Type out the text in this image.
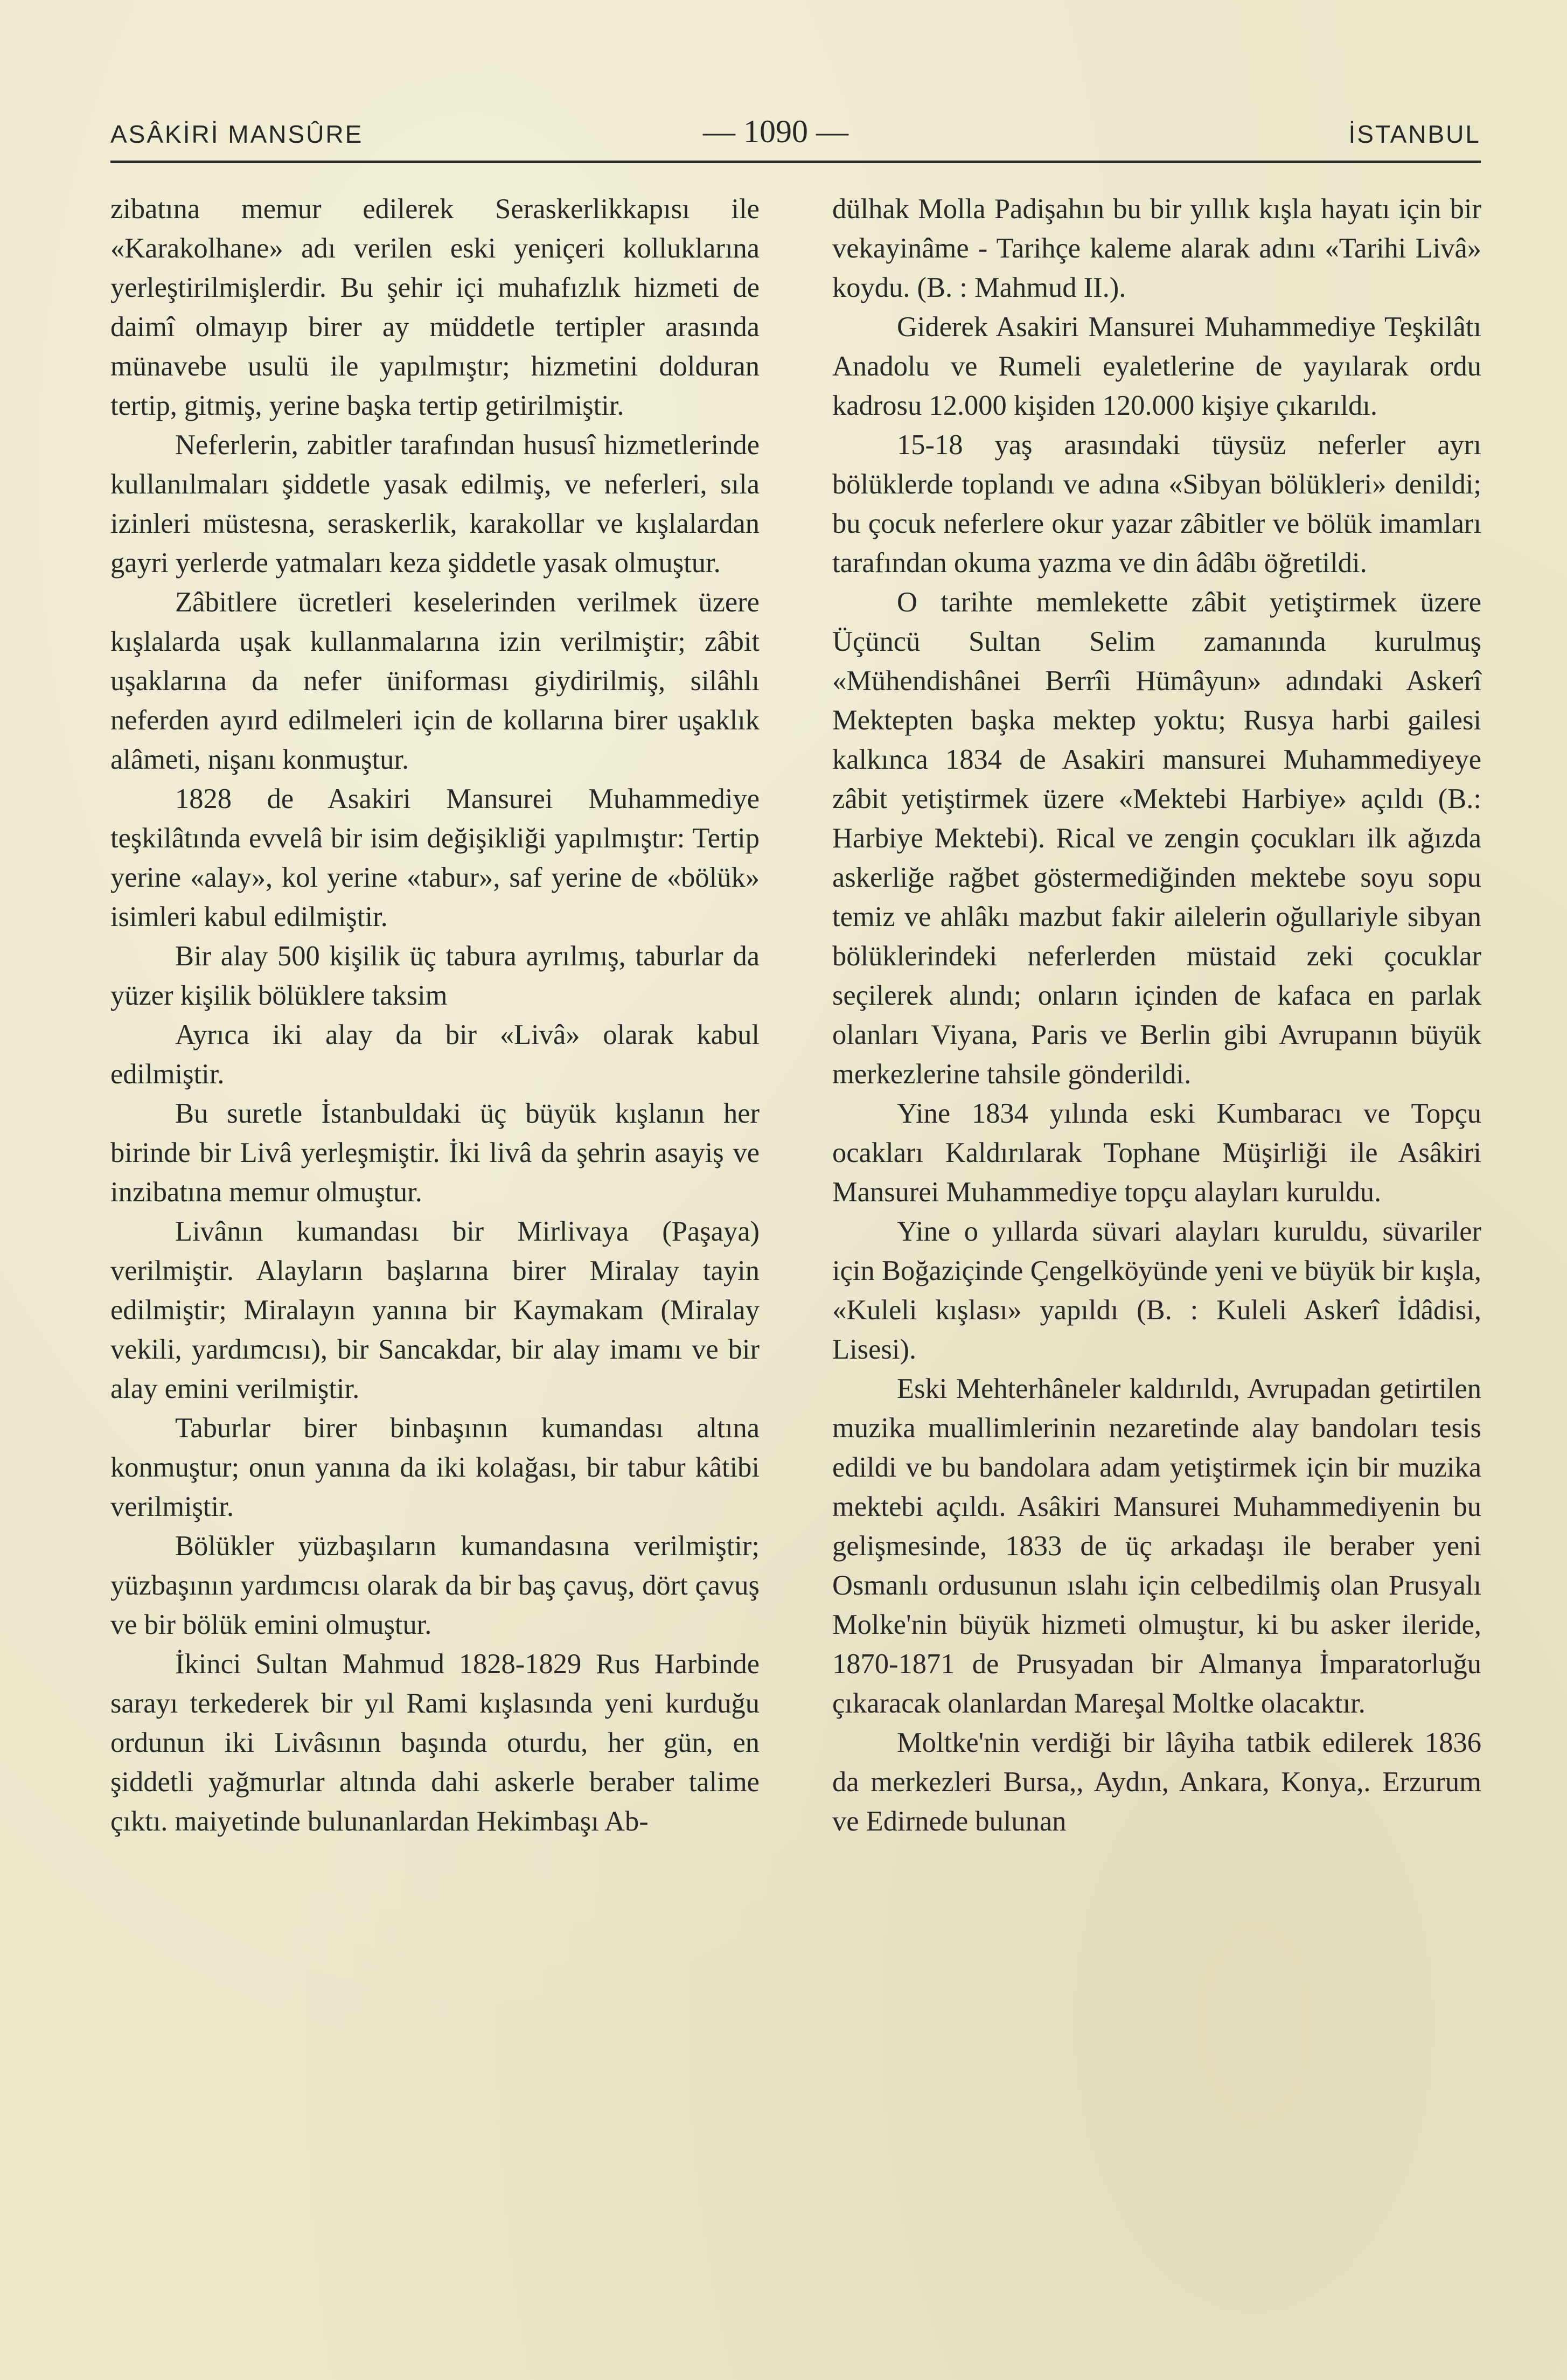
ASÂKİRİ MANSÛRE	— 1090 —	İSTANBUL

zibatına memur edilerek Seraskerlikkapısı ile «Karakolhane» adı verilen eski yeniçeri kolluklarına yerleştirilmişlerdir. Bu şehir içi muhafızlık hizmeti de daimî olmayıp birer ay müddetle tertipler arasında münavebe usulü ile yapılmıştır; hizmetini dolduran tertip, gitmiş, yerine başka tertip getirilmiştir.

Neferlerin, zabitler tarafından hususî hizmetlerinde kullanılmaları şiddetle yasak edilmiş, ve neferleri, sıla izinleri müstesna, seraskerlik, karakollar ve kışlalardan gayri yerlerde yatmaları keza şiddetle yasak olmuştur.

Zâbitlere ücretleri keselerinden verilmek üzere kışlalarda uşak kullanmalarına izin verilmiştir; zâbit uşaklarına da nefer üniforması giydirilmiş, silâhlı neferden ayırd edilmeleri için de kollarına birer uşaklık alâmeti, nişanı konmuştur.

1828 de Asakiri Mansurei Muhammediye teşkilâtında evvelâ bir isim değişikliği yapılmıştır: Tertip yerine «alay», kol yerine «tabur», saf yerine de «bölük» isimleri kabul edilmiştir.

Bir alay 500 kişilik üç tabura ayrılmış, taburlar da yüzer kişilik bölüklere taksim

Ayrıca iki alay da bir «Livâ» olarak kabul edilmiştir.

Bu suretle İstanbuldaki üç büyük kışlanın her birinde bir Livâ yerleşmiştir. İki livâ da şehrin asayiş ve inzibatına memur olmuştur.

Livânın kumandası bir Mirlivaya (Paşaya) verilmiştir. Alayların başlarına birer Miralay tayin edilmiştir; Miralayın yanına bir Kaymakam (Miralay vekili, yardımcısı), bir Sancakdar, bir alay imamı ve bir alay emini verilmiştir.

Taburlar birer binbaşının kumandası altına konmuştur; onun yanına da iki kolağası, bir tabur kâtibi verilmiştir.

Bölükler yüzbaşıların kumandasına verilmiştir; yüzbaşının yardımcısı olarak da bir baş çavuş, dört çavuş ve bir bölük emini olmuştur.

İkinci Sultan Mahmud 1828-1829 Rus Harbinde sarayı terkederek bir yıl Rami kışlasında yeni kurduğu ordunun iki Livâsının başında oturdu, her gün, en şiddetli yağmurlar altında dahi askerle beraber talime çıktı. maiyetinde bulunanlardan Hekimbaşı Ab-

dülhak Molla Padişahın bu bir yıllık kışla hayatı için bir vekayinâme - Tarihçe kaleme alarak adını «Tarihi Livâ» koydu. (B. : Mahmud II.).

Giderek Asakiri Mansurei Muhammediye Teşkilâtı Anadolu ve Rumeli eyaletlerine de yayılarak ordu kadrosu 12.000 kişiden 120.000 kişiye çıkarıldı.

15-18 yaş arasındaki tüysüz neferler ayrı bölüklerde toplandı ve adına «Sibyan bölükleri» denildi; bu çocuk neferlere okur yazar zâbitler ve bölük imamları tarafından okuma yazma ve din âdâbı öğretildi.

O tarihte memlekette zâbit yetiştirmek üzere Üçüncü Sultan Selim zamanında kurulmuş «Mühendishânei Berrîi Hümâyun» adındaki Askerî Mektepten başka mektep yoktu; Rusya harbi gailesi kalkınca 1834 de Asakiri mansurei Muhammediyeye zâbit yetiştirmek üzere «Mektebi Harbiye» açıldı (B.: Harbiye Mektebi). Rical ve zengin çocukları ilk ağızda askerliğe rağbet göstermediğinden mektebe soyu sopu temiz ve ahlâkı mazbut fakir ailelerin oğullariyle sibyan bölüklerindeki neferlerden müstaid zeki çocuklar seçilerek alındı; onların içinden de kafaca en parlak olanları Viyana, Paris ve Berlin gibi Avrupanın büyük merkezlerine tahsile gönderildi.

Yine 1834 yılında eski Kumbaracı ve Topçu ocakları Kaldırılarak Tophane Müşirliği ile Asâkiri Mansurei Muhammediye topçu alayları kuruldu.

Yine o yıllarda süvari alayları kuruldu, süvariler için Boğaziçinde Çengelköyünde yeni ve büyük bir kışla, «Kuleli kışlası» yapıldı (B. : Kuleli Askerî İdâdisi, Lisesi).

Eski Mehterhâneler kaldırıldı, Avrupadan getirtilen muzika muallimlerinin nezaretinde alay bandoları tesis edildi ve bu bandolara adam yetiştirmek için bir muzika mektebi açıldı. Asâkiri Mansurei Muhammediyenin bu gelişmesinde, 1833 de üç arkadaşı ile beraber yeni Osmanlı ordusunun ıslahı için celbedilmiş olan Prusyalı Molke'nin büyük hizmeti olmuştur, ki bu asker ileride, 1870-1871 de Prusyadan bir Almanya İmparatorluğu çıkaracak olanlardan Mareşal Moltke olacaktır.

Moltke'nin verdiği bir lâyiha tatbik edilerek 1836 da merkezleri Bursa,, Aydın, Ankara, Konya,. Erzurum ve Edirnede bulunan
